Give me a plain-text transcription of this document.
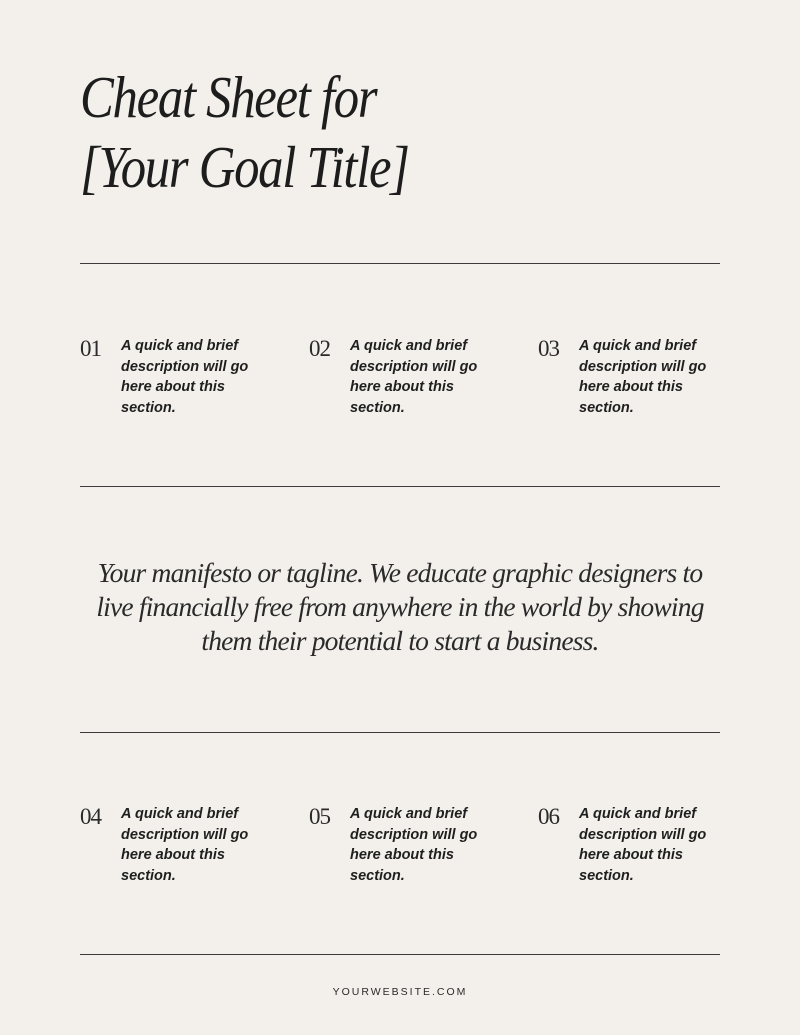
Cheat Sheet for
[Your Goal Title]
01 A quick and brief description will go here about this section.
02 A quick and brief description will go here about this section.
03 A quick and brief description will go here about this section.

Your manifesto or tagline. We educate graphic designers to live financially free from anywhere in the world by showing them their potential to start a business.

04 A quick and brief description will go here about this section.
05 A quick and brief description will go here about this section.
06 A quick and brief description will go here about this section.
YOURWEBSITE.COM
